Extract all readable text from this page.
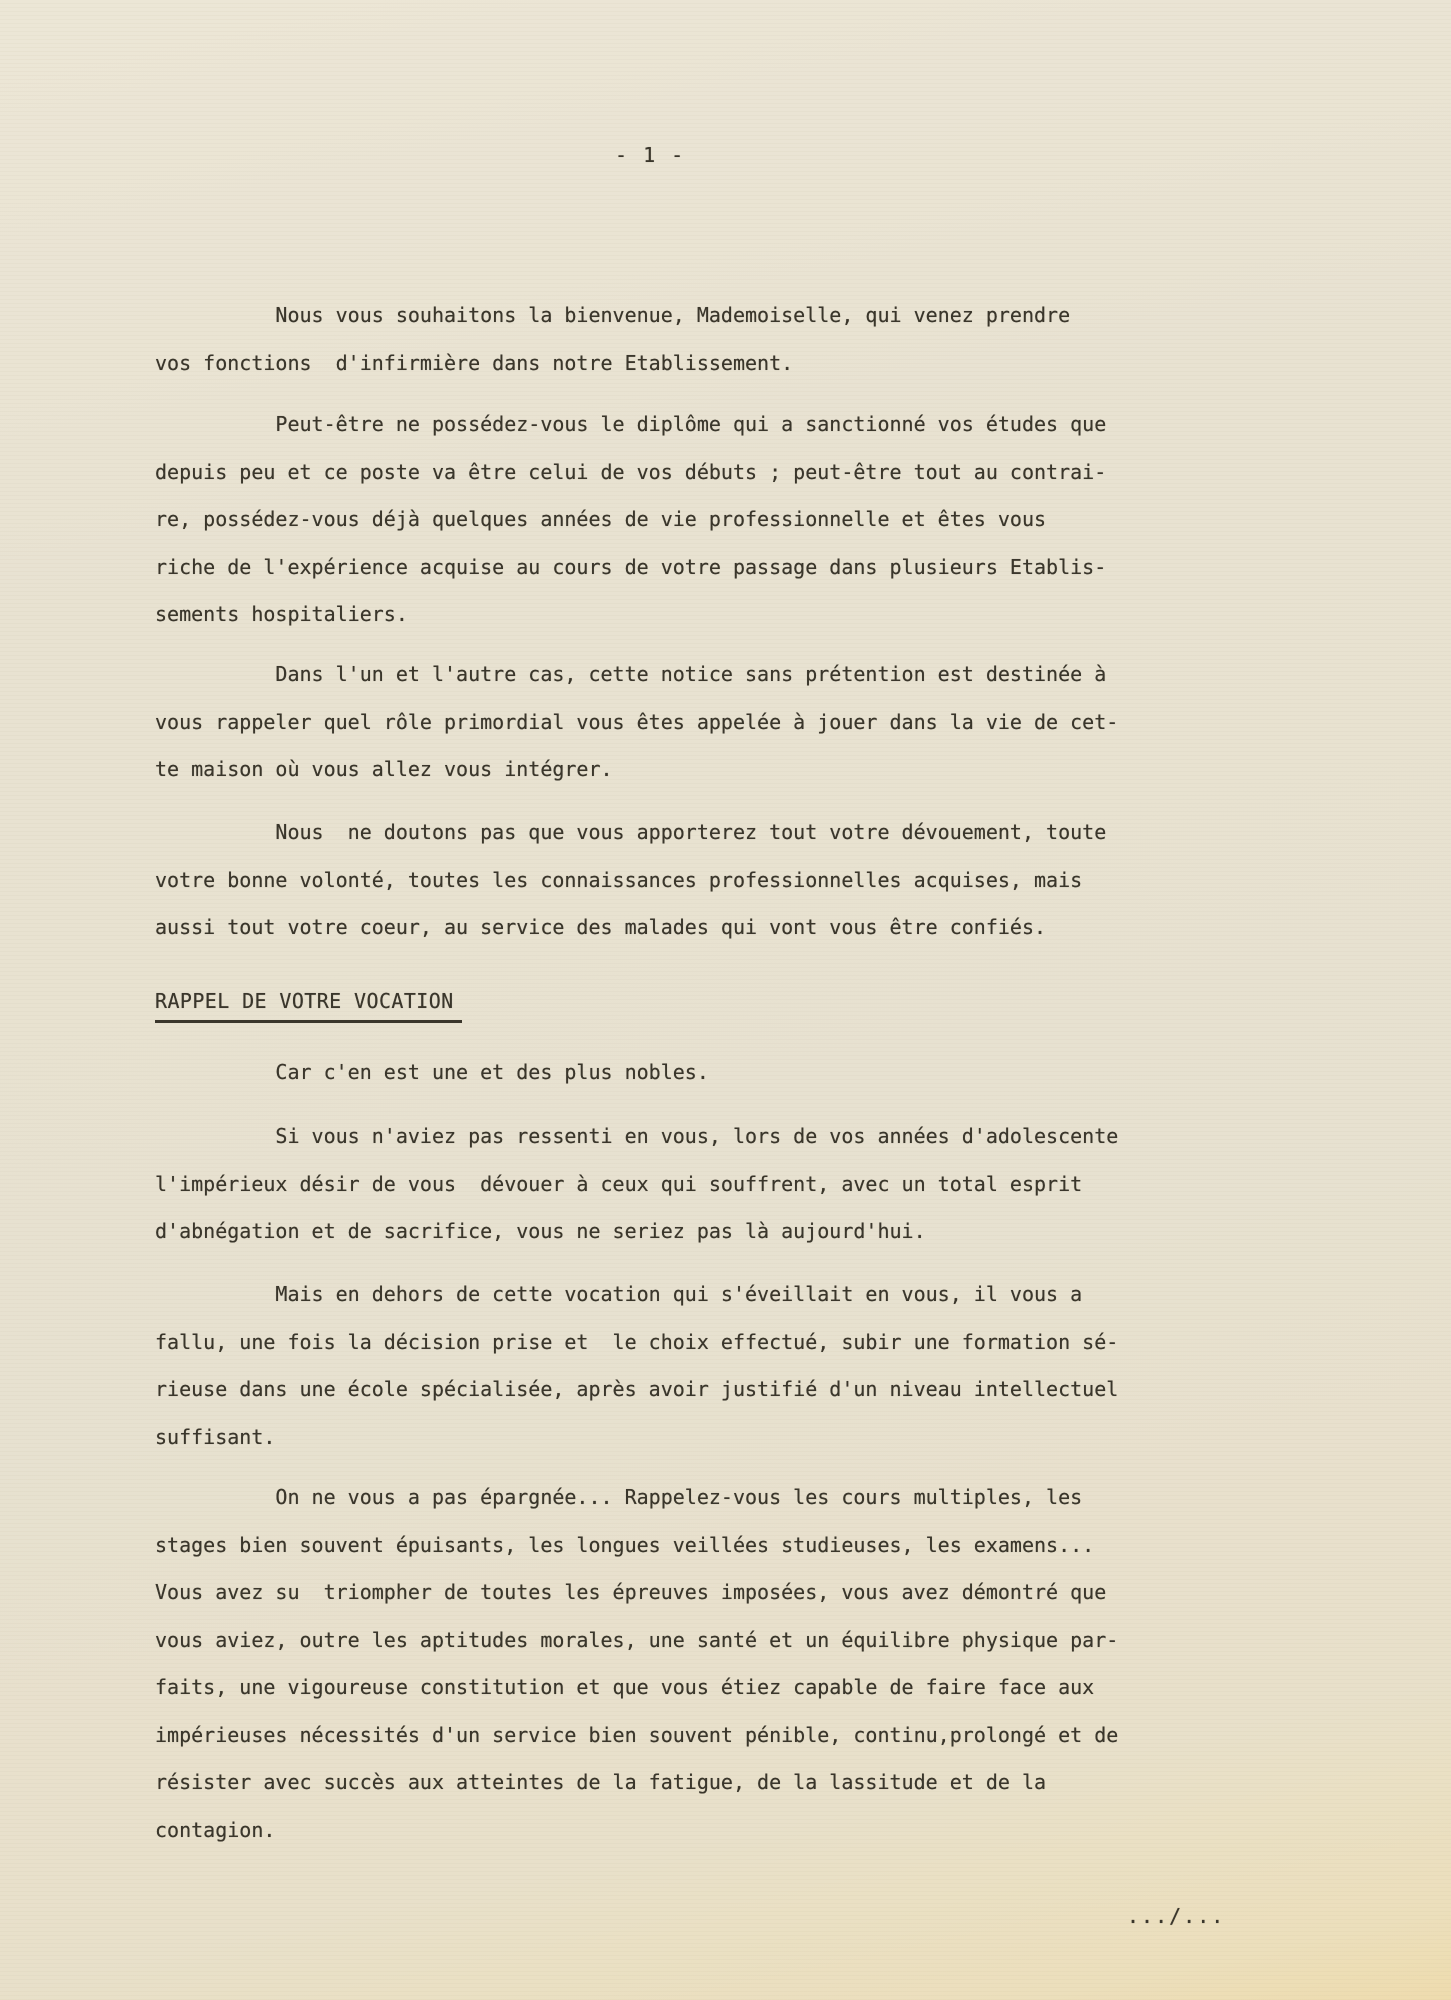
- 1 -
Nous vous souhaitons la bienvenue, Mademoiselle, qui venez prendre
vos fonctions  d'infirmière dans notre Etablissement.
Peut-être ne possédez-vous le diplôme qui a sanctionné vos études que
depuis peu et ce poste va être celui de vos débuts ; peut-être tout au contrai-
re, possédez-vous déjà quelques années de vie professionnelle et êtes vous
riche de l'expérience acquise au cours de votre passage dans plusieurs Etablis-
sements hospitaliers.
Dans l'un et l'autre cas, cette notice sans prétention est destinée à
vous rappeler quel rôle primordial vous êtes appelée à jouer dans la vie de cet-
te maison où vous allez vous intégrer.
Nous  ne doutons pas que vous apporterez tout votre dévouement, toute
votre bonne volonté, toutes les connaissances professionnelles acquises, mais
aussi tout votre coeur, au service des malades qui vont vous être confiés.
RAPPEL DE VOTRE VOCATION
Car c'en est une et des plus nobles.
Si vous n'aviez pas ressenti en vous, lors de vos années d'adolescente
l'impérieux désir de vous  dévouer à ceux qui souffrent, avec un total esprit
d'abnégation et de sacrifice, vous ne seriez pas là aujourd'hui.
Mais en dehors de cette vocation qui s'éveillait en vous, il vous a
fallu, une fois la décision prise et  le choix effectué, subir une formation sé-
rieuse dans une école spécialisée, après avoir justifié d'un niveau intellectuel
suffisant.
On ne vous a pas épargnée... Rappelez-vous les cours multiples, les
stages bien souvent épuisants, les longues veillées studieuses, les examens...
Vous avez su  triompher de toutes les épreuves imposées, vous avez démontré que
vous aviez, outre les aptitudes morales, une santé et un équilibre physique par-
faits, une vigoureuse constitution et que vous étiez capable de faire face aux
impérieuses nécessités d'un service bien souvent pénible, continu,prolongé et de
résister avec succès aux atteintes de la fatigue, de la lassitude et de la
contagion.
.../...
